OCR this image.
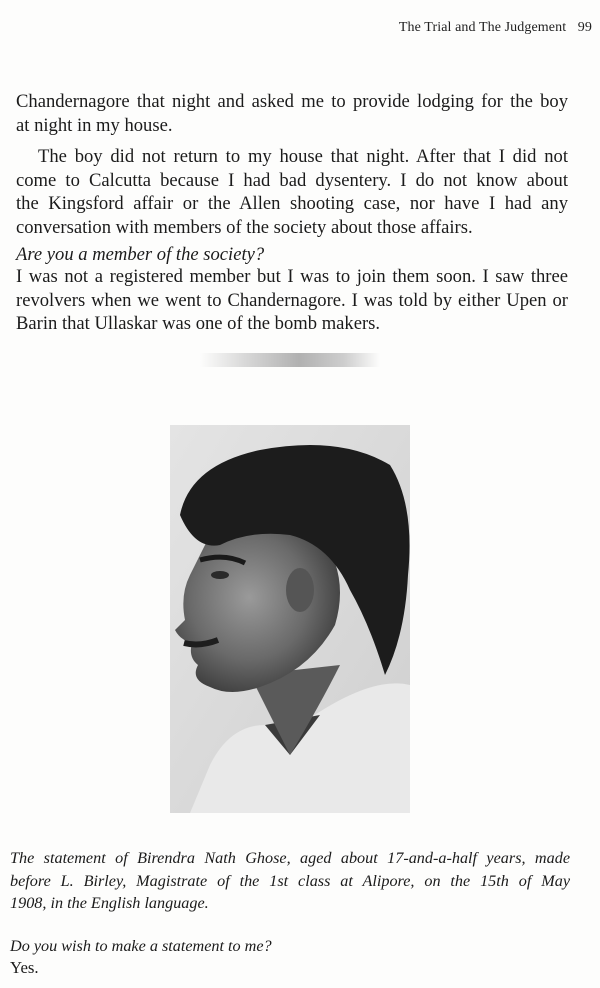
The Trial and The Judgement 99
Chandernagore that night and asked me to provide lodging for the boy
at night in my house.
The boy did not return to my house that night. After that I did not
come to Calcutta because I had bad dysentery. I do not know about
the Kingsford affair or the Allen shooting case, nor have I had any
conversation with members of the society about those affairs.
Are you a member of the society?
I was not a registered member but I was to join them soon. I saw three
revolvers when we went to Chandernagore. I was told by either Upen or
Barin that Ullaskar was one of the bomb makers.
The statement of Birendra Nath Ghose, aged about 17-and-a-half years, made
before L. Birley, Magistrate of the 1st class at Alipore, on the 15th of May
1908, in the English language.
Do you wish to make a statement to me?
Yes.
